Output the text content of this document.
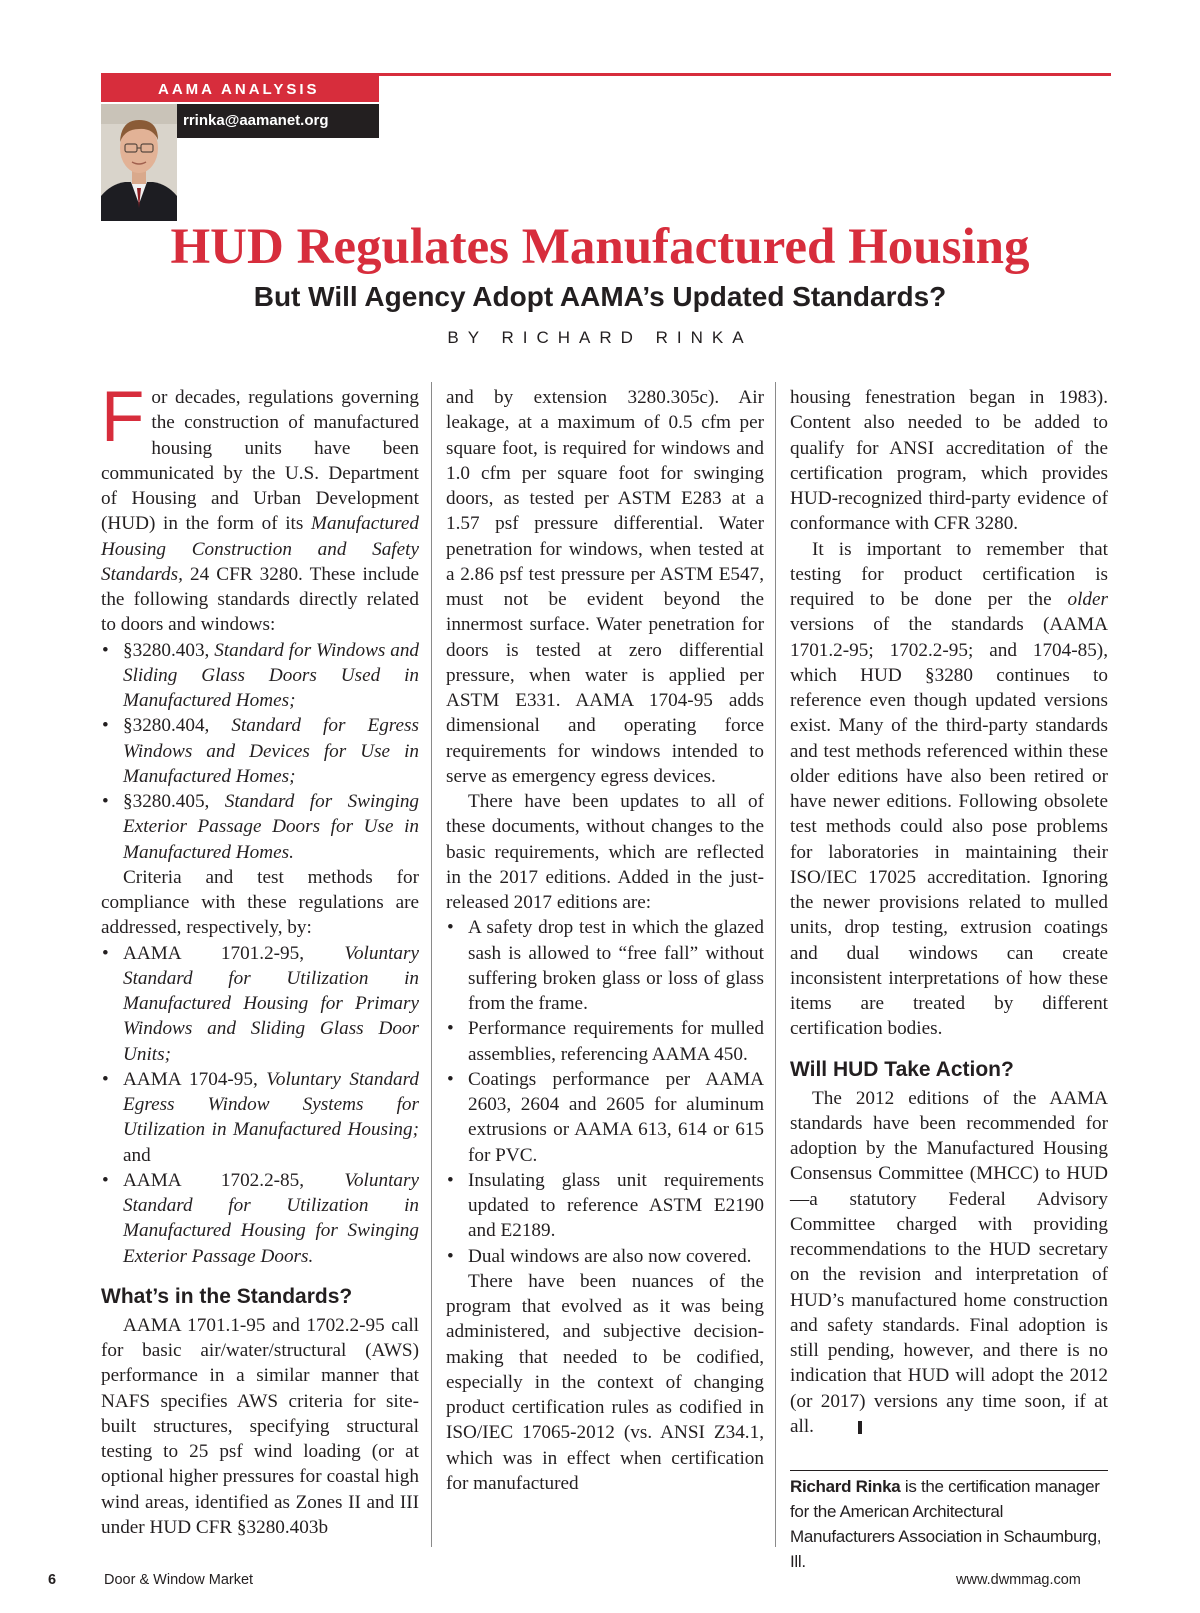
AAMA ANALYSIS
rrinka@aamanet.org
HUD Regulates Manufactured Housing
But Will Agency Adopt AAMA’s Updated Standards?
BY RICHARD RINKA

For decades, regulations governing the construction of manufactured housing units have been communicated by the U.S. Department of Housing and Urban Development (HUD) in the form of its Manufactured Housing Construction and Safety Standards, 24 CFR 3280. These include the following standards directly related to doors and windows:

• §3280.403, Standard for Windows and Sliding Glass Doors Used in Manufactured Homes;
• §3280.404, Standard for Egress Windows and Devices for Use in Manufactured Homes;
• §3280.405, Standard for Swinging Exterior Passage Doors for Use in Manufactured Homes.

Criteria and test methods for compliance with these regulations are addressed, respectively, by:

• AAMA 1701.2-95, Voluntary Standard for Utilization in Manufactured Housing for Primary Windows and Sliding Glass Door Units;
• AAMA 1704-95, Voluntary Standard Egress Window Systems for Utilization in Manufactured Housing; and
• AAMA 1702.2-85, Voluntary Standard for Utilization in Manufactured Housing for Swinging Exterior Passage Doors.
What’s in the Standards?

AAMA 1701.1-95 and 1702.2-95 call for basic air/water/structural (AWS) performance in a similar manner that NAFS specifies AWS criteria for site-built structures, specifying structural testing to 25 psf wind loading (or at optional higher pressures for coastal high wind areas, identified as Zones II and III under HUD CFR §3280.403b

and by extension 3280.305c). Air leakage, at a maximum of 0.5 cfm per square foot, is required for windows and 1.0 cfm per square foot for swinging doors, as tested per ASTM E283 at a 1.57 psf pressure differential. Water penetration for windows, when tested at a 2.86 psf test pressure per ASTM E547, must not be evident beyond the innermost surface. Water penetration for doors is tested at zero differential pressure, when water is applied per ASTM E331. AAMA 1704-95 adds dimensional and operating force requirements for windows intended to serve as emergency egress devices.

There have been updates to all of these documents, without changes to the basic requirements, which are reflected in the 2017 editions. Added in the just-released 2017 editions are:

• A safety drop test in which the glazed sash is allowed to “free fall” without suffering broken glass or loss of glass from the frame.
• Performance requirements for mulled assemblies, referencing AAMA 450.
• Coatings performance per AAMA 2603, 2604 and 2605 for aluminum extrusions or AAMA 613, 614 or 615 for PVC.
• Insulating glass unit requirements updated to reference ASTM E2190 and E2189.
• Dual windows are also now covered.

There have been nuances of the program that evolved as it was being administered, and subjective decision-making that needed to be codified, especially in the context of changing product certification rules as codified in ISO/IEC 17065-2012 (vs. ANSI Z34.1, which was in effect when certification for manufactured

housing fenestration began in 1983). Content also needed to be added to qualify for ANSI accreditation of the certification program, which provides HUD-recognized third-party evidence of conformance with CFR 3280.

It is important to remember that testing for product certification is required to be done per the older versions of the standards (AAMA 1701.2-95; 1702.2-95; and 1704-85), which HUD §3280 continues to reference even though updated versions exist. Many of the third-party standards and test methods referenced within these older editions have also been retired or have newer editions. Following obsolete test methods could also pose problems for laboratories in maintaining their ISO/IEC 17025 accreditation. Ignoring the newer provisions related to mulled units, drop testing, extrusion coatings and dual windows can create inconsistent interpretations of how these items are treated by different certification bodies.

Will HUD Take Action?

The 2012 editions of the AAMA standards have been recommended for adoption by the Manufactured Housing Consensus Committee (MHCC) to HUD—a statutory Federal Advisory Committee charged with providing recommendations to the HUD secretary on the revision and interpretation of HUD’s manufactured home construction and safety standards. Final adoption is still pending, however, and there is no indication that HUD will adopt the 2012 (or 2017) versions any time soon, if at all.

Richard Rinka is the certification manager for the American Architectural Manufacturers Association in Schaumburg, Ill.
6	Door & Window Market	www.dwmmag.com
